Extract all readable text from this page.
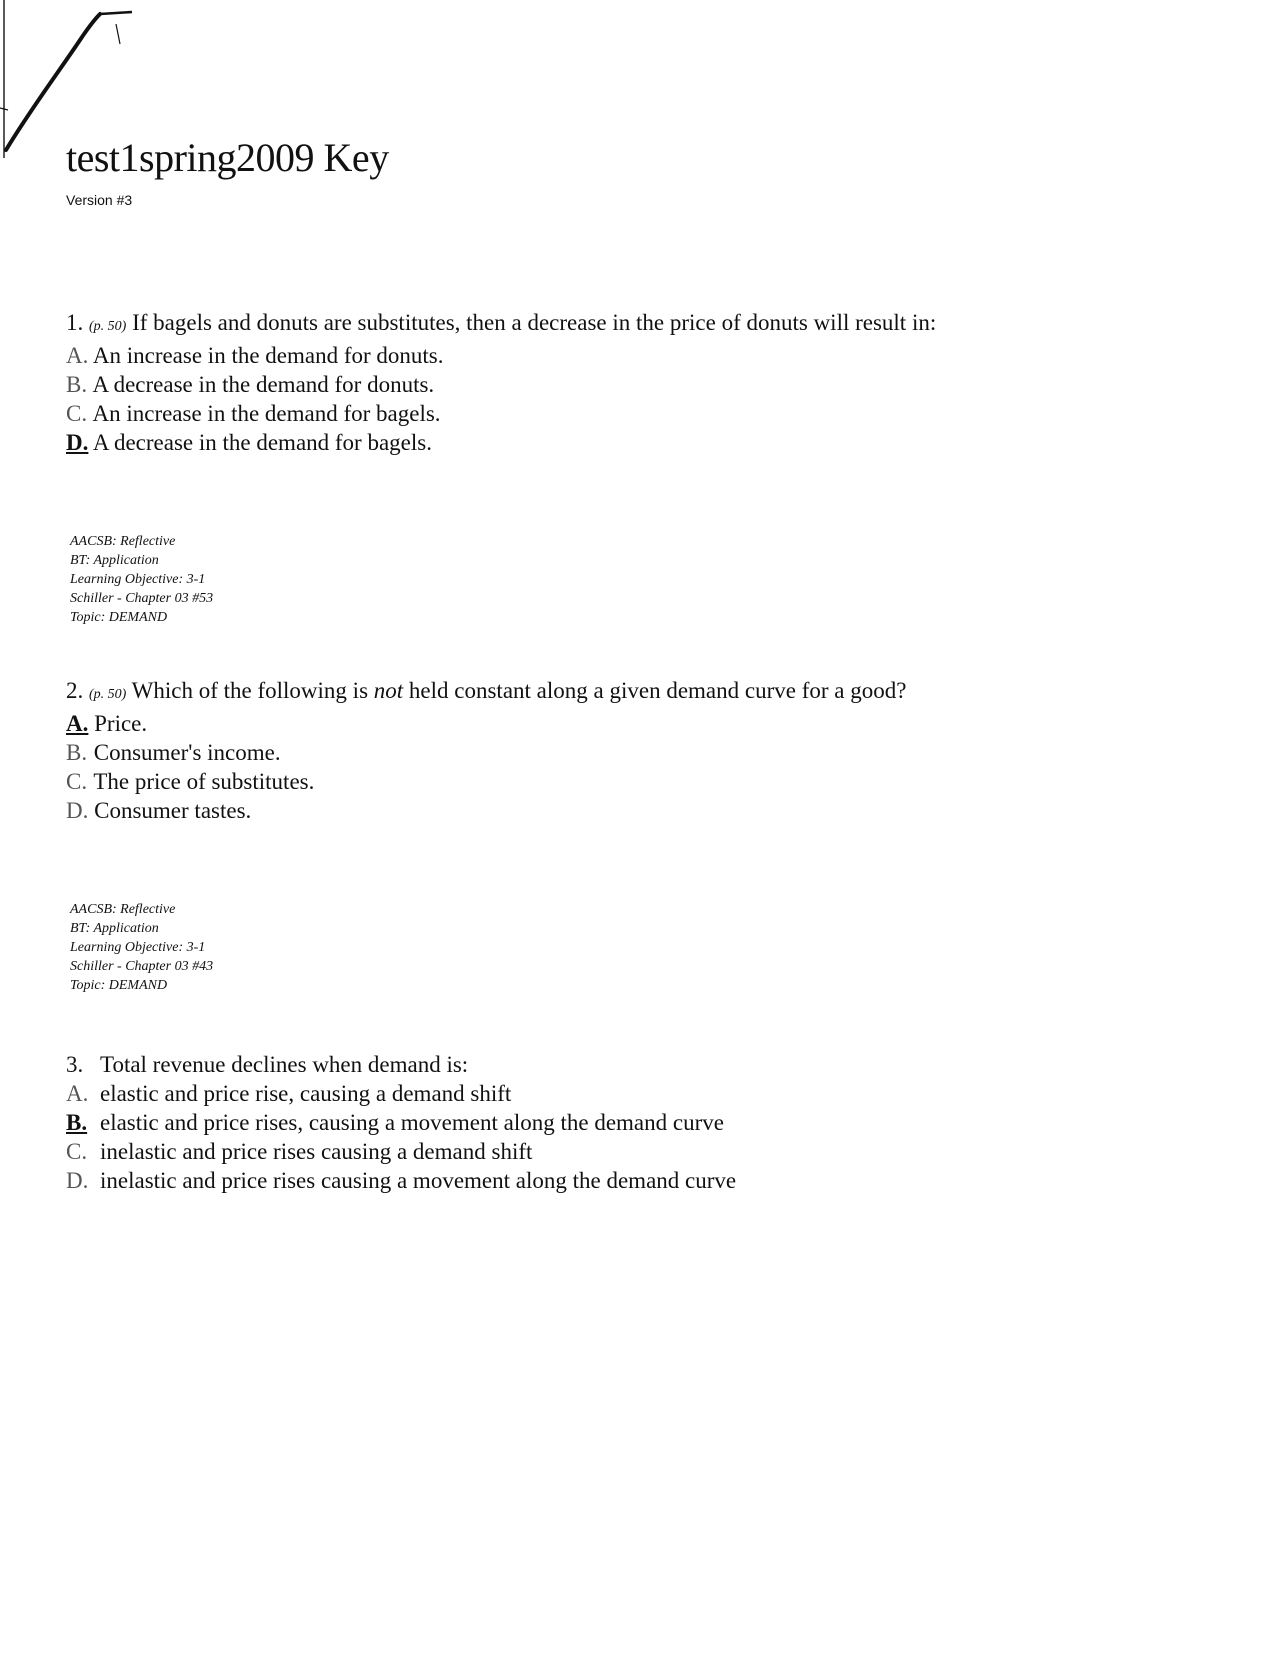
test1spring2009 Key
Version #3
1. (p. 50) If bagels and donuts are substitutes, then a decrease in the price of donuts will result in:
A. An increase in the demand for donuts.
B. A decrease in the demand for donuts.
C. An increase in the demand for bagels.
D. A decrease in the demand for bagels.
AACSB: Reflective
BT: Application
Learning Objective: 3-1
Schiller - Chapter 03 #53
Topic: DEMAND
2. (p. 50) Which of the following is not held constant along a given demand curve for a good?
A. Price.
B. Consumer's income.
C. The price of substitutes.
D. Consumer tastes.
AACSB: Reflective
BT: Application
Learning Objective: 3-1
Schiller - Chapter 03 #43
Topic: DEMAND
3. Total revenue declines when demand is:
A. elastic and price rise, causing a demand shift
B. elastic and price rises, causing a movement along the demand curve
C. inelastic and price rises causing a demand shift
D. inelastic and price rises causing a movement along the demand curve
